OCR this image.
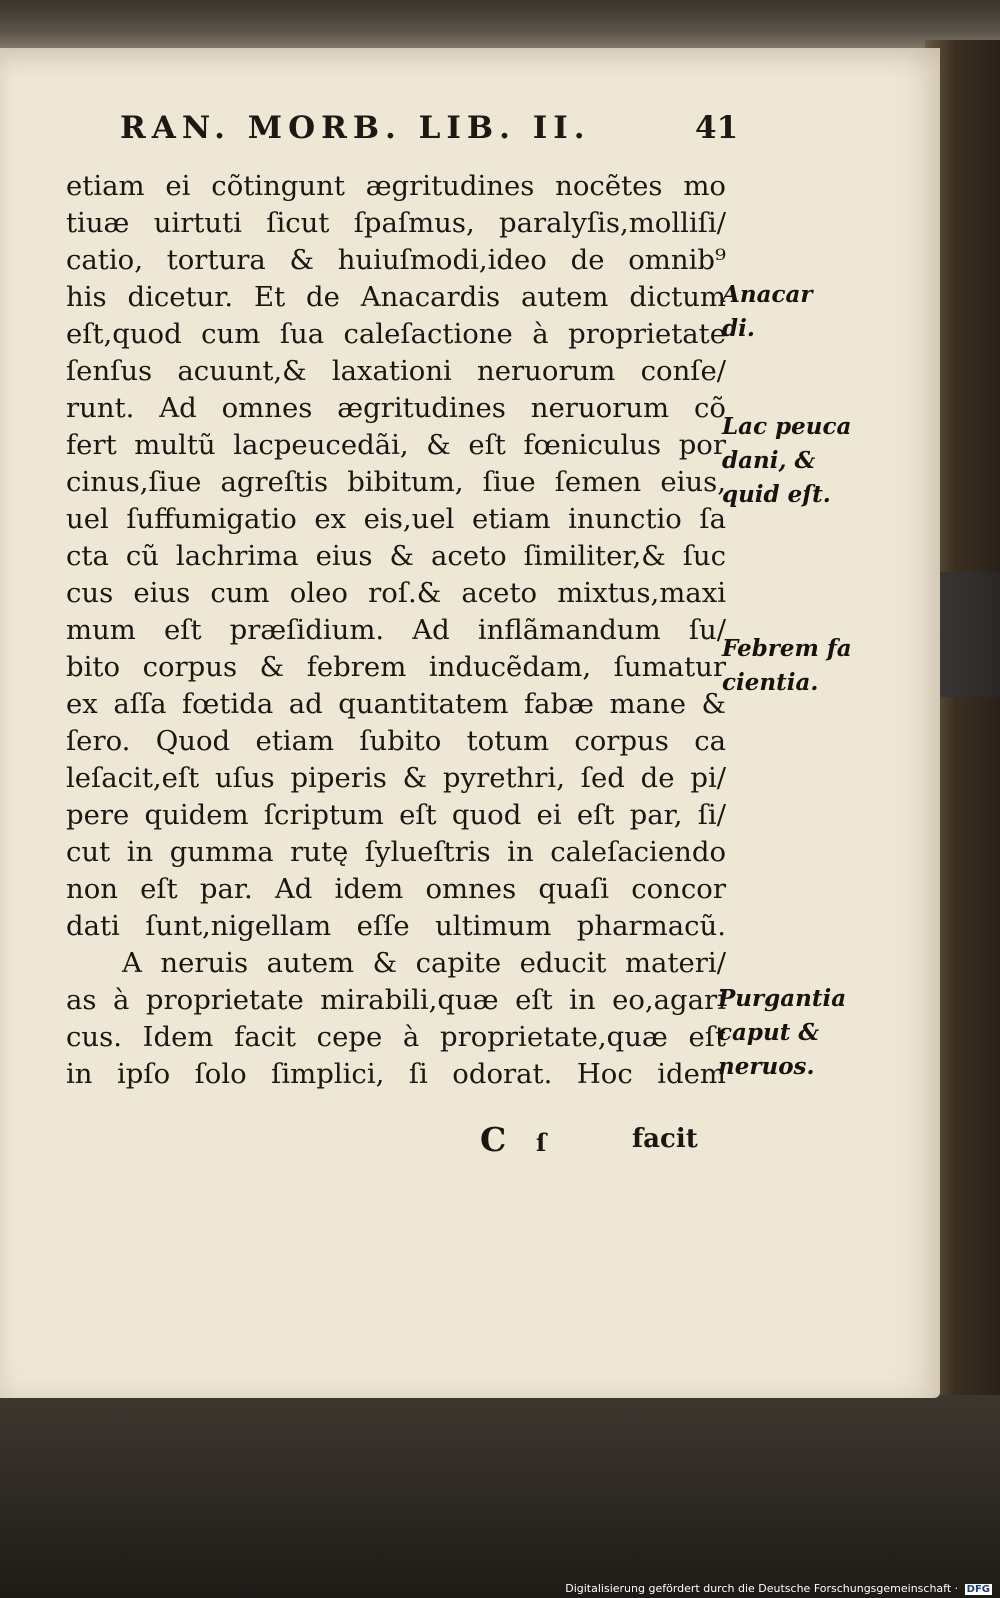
RAN. MORB. LIB. II.	41
etiam ei cõtingunt ægritudines nocẽtes mo
tiuæ uirtuti ſicut ſpaſmus, paralyſis,molliſi/
catio, tortura & huiuſmodi,ideo de omnib⁹
his dicetur. Et de Anacardis autem dictum
eſt,quod cum ſua caleſactione à proprietate
ſenſus acuunt,& laxationi neruorum conſe/
runt. Ad omnes ægritudines neruorum cõ
fert multũ lacpeucedãi, & eſt fœniculus por
cinus,ſiue agreſtis bibitum, ſiue ſemen eius,
uel ſuffumigatio ex eis,uel etiam inunctio ſa
cta cũ lachrima eius & aceto ſimiliter,& ſuc
cus eius cum oleo roſ.& aceto mixtus,maxi
mum eſt præſidium. Ad inflãmandum ſu/
bito corpus & febrem inducẽdam, ſumatur
ex aſſa fœtida ad quantitatem fabæ mane &
ſero. Quod etiam ſubito totum corpus ca
leſacit,eſt uſus piperis & pyrethri, ſed de pi/
pere quidem ſcriptum eſt quod ei eſt par, ſi/
cut in gumma rutę ſylueſtris in caleſaciendo
non eſt par. Ad idem omnes quaſi concor
dati ſunt,nigellam eſſe ultimum pharmacũ.
A neruis autem & capite educit materi/
as à proprietate mirabili,quæ eſt in eo,agari
cus. Idem facit cepe à proprietate,quæ eſt
in ipſo ſolo ſimplici, ſi odorat. Hoc idem
Anacar
di.
Lac peuca
dani, &
quid eſt.
Febrem fa
cientia.
Purgantia
caput &
neruos.
C ſ	facit
Digitalisierung gefördert durch die Deutsche Forschungsgemeinschaft · DFG
